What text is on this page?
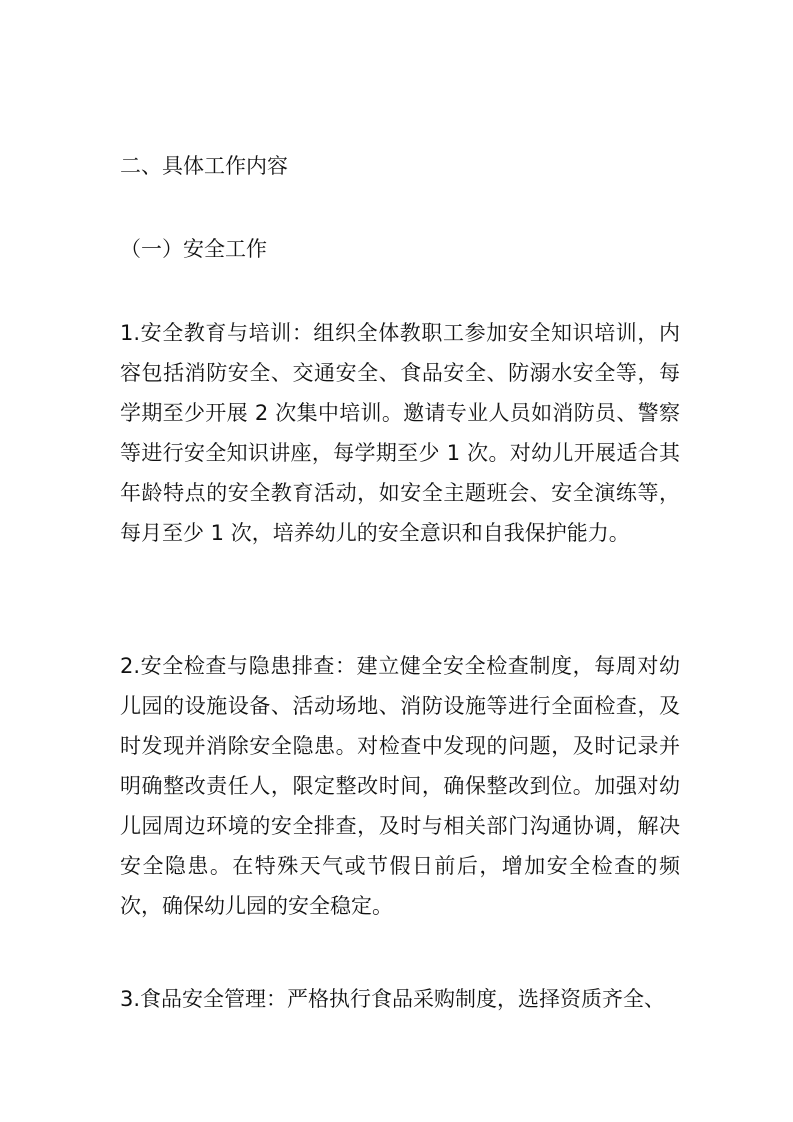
二、具体工作内容

（一）安全工作

1.安全教育与培训：组织全体教职工参加安全知识培训，内容包括消防安全、交通安全、食品安全、防溺水安全等，每学期至少开展 2 次集中培训。邀请专业人员如消防员、警察等进行安全知识讲座，每学期至少 1 次。对幼儿开展适合其年龄特点的安全教育活动，如安全主题班会、安全演练等，每月至少 1 次，培养幼儿的安全意识和自我保护能力。

2.安全检查与隐患排查：建立健全安全检查制度，每周对幼儿园的设施设备、活动场地、消防设施等进行全面检查，及时发现并消除安全隐患。对检查中发现的问题，及时记录并明确整改责任人，限定整改时间，确保整改到位。加强对幼儿园周边环境的安全排查，及时与相关部门沟通协调，解决安全隐患。在特殊天气或节假日前后，增加安全检查的频次，确保幼儿园的安全稳定。

3.食品安全管理：严格执行食品采购制度，选择资质齐全、
